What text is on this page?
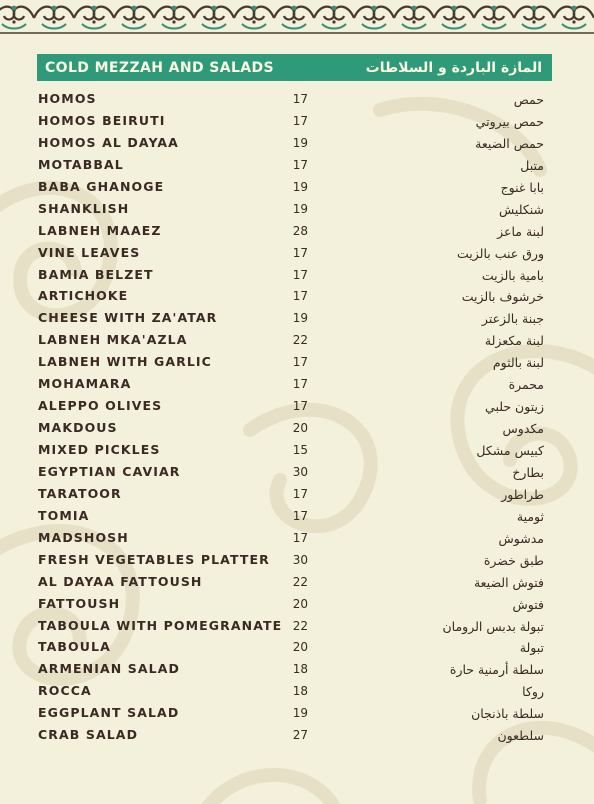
COLD MEZZAH AND SALADS	المازة الباردة و السلاطات
HOMOS	17	حمص
HOMOS BEIRUTI	17	حمص بيروتي
HOMOS AL DAYAA	19	حمص الضيعة
MOTABBAL	17	متبل
BABA GHANOGE	19	بابا غنوج
SHANKLISH	19	شنكليش
LABNEH MAAEZ	28	لبنة ماعز
VINE LEAVES	17	ورق عنب بالزيت
BAMIA BELZET	17	بامية بالزيت
ARTICHOKE	17	خرشوف بالزيت
CHEESE WITH ZA'ATAR	19	جبنة بالزعتر
LABNEH MKA'AZLA	22	لبنة مكعزلة
LABNEH WITH GARLIC	17	لبنة بالثوم
MOHAMARA	17	محمرة
ALEPPO OLIVES	17	زيتون حلبي
MAKDOUS	20	مكدوس
MIXED PICKLES	15	كبيس مشكل
EGYPTIAN CAVIAR	30	بطارخ
TARATOOR	17	طراطور
TOMIA	17	ثومية
MADSHOSH	17	مدشوش
FRESH VEGETABLES PLATTER	30	طبق خضرة
AL DAYAA FATTOUSH	22	فتوش الضيعة
FATTOUSH	20	فتوش
TABOULA WITH POMEGRANATE 22	تبولة بدبس الرومان
TABOULA	20	تبولة
ARMENIAN SALAD	18	سلطة أرمنية حارة
ROCCA	18	روكا
EGGPLANT SALAD	19	سلطة باذنجان
CRAB SALAD	27	سلطعون
